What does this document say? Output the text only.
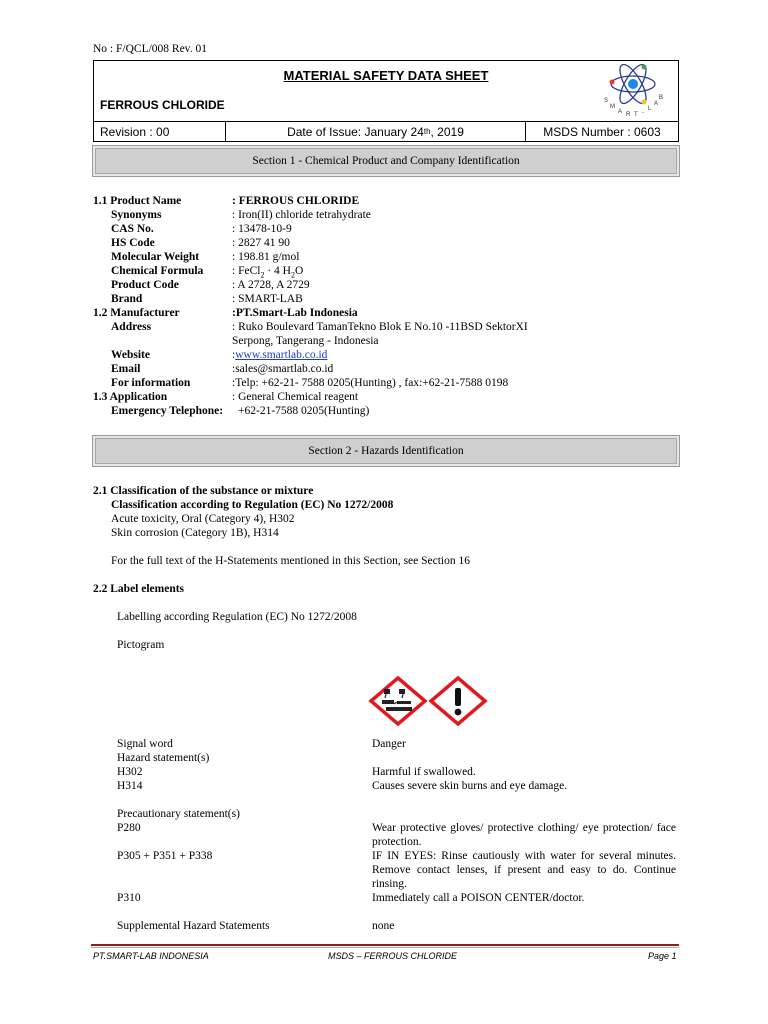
No : F/QCL/008 Rev. 01
MATERIAL SAFETY DATA SHEET
FERROUS CHLORIDE	S
M
A R T -
L
A
B
Revision : 00	Date of Issue: January 24 th , 2019	MSDS Number : 0603
Section 1 - Chemical Product and Company Identification
1.1 Product Name	: FERROUS CHLORIDE
Synonyms	: Iron(II) chloride tetrahydrate
CAS No.	: 13478-10-9
HS Code	: 2827 41 90
Molecular Weight	: 198.81 g/mol
Chemical Formula : FeCl$_2$ · 4 $H_2O$
Product Code	: A 2728, A 2729
Brand	: SMART-LAB
1.2 Manufacturer	:PT.Smart-Lab Indonesia
Address	: Ruko Boulevard TamanTekno Blok E No.10 -11BSD SektorXI
Serpong, Tangerang - Indonesia
Website	:www.smartlab.co.id
Email	:sales@smartlab.co.id
For information	:Telp: +62-21- 7588 0205(Hunting) , fax:+62-21-7588 0198
1.3 Application	: General Chemical reagent
Emergency Telephone: +62-21-7588 0205(Hunting)
Section 2 - Hazards Identification
2.1 Classification of the substance or mixture
Classification according to Regulation (EC) No 1272/2008
Acute toxicity, Oral (Category 4), H302
Skin corrosion (Category 1B), H314
For the full text of the H-Statements mentioned in this Section, see Section 16
2.2 Label elements
Labelling according Regulation (EC) No 1272/2008
Pictogram
Signal word	Danger
Hazard statement(s)
H302	Harmful if swallowed.
H314	Causes severe skin burns and eye damage.
Precautionary statement(s)
P280	Wear protective gloves/ protective clothing/ eye protection/ face protection.
P305 + P351 + P338	IF IN EYES: Rinse cautiously with water for several minutes. Remove contact lenses, if present and easy to do. Continue rinsing.
P310	Immediately call a POISON CENTER/doctor.
Supplemental Hazard Statements	none
PT.SMART-LAB INDONESIA	MSDS – FERROUS CHLORIDE	Page 1
